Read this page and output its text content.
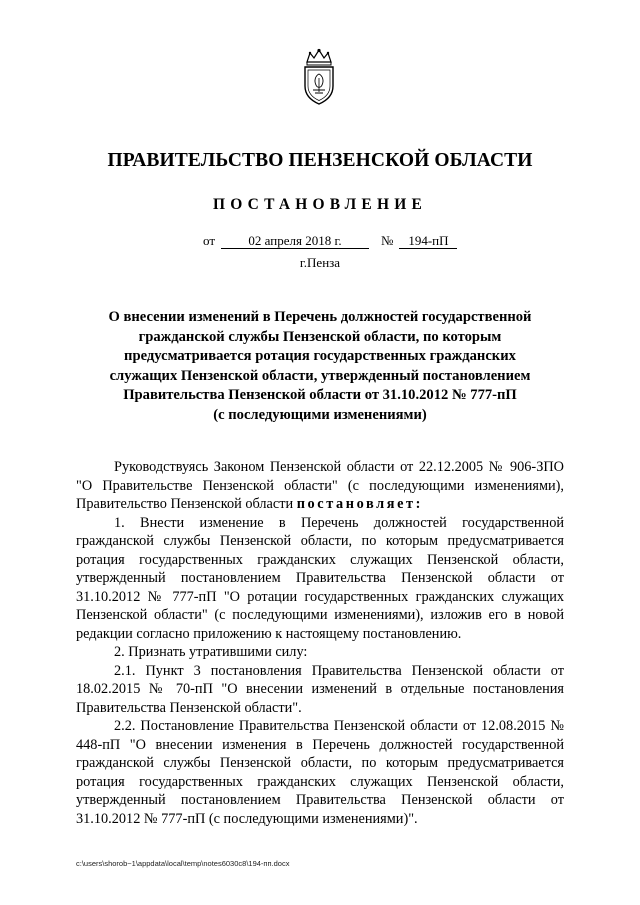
ПРАВИТЕЛЬСТВО ПЕНЗЕНСКОЙ ОБЛАСТИ
ПОСТАНОВЛЕНИЕ
от	02 апреля 2018 г.	№ 194-пП
г.Пенза
О внесении изменений в Перечень должностей государственной
гражданской службы Пензенской области, по которым
предусматривается ротация государственных гражданских
служащих Пензенской области, утвержденный постановлением
Правительства Пензенской области от 31.10.2012 № 777-пП
(с последующими изменениями)

Руководствуясь Законом Пензенской области от 22.12.2005 № 906-ЗПО "О Правительстве Пензенской области" (с последующими изменениями), Правительство Пензенской области постановляет:

1. Внести изменение в Перечень должностей государственной гражданской службы Пензенской области, по которым предусматривается ротация государственных гражданских служащих Пензенской области, утвержденный постановлением Правительства Пензенской области от 31.10.2012 № 777-пП "О ротации государственных гражданских служащих Пензенской области" (с последующими изменениями), изложив его в новой редакции согласно приложению к настоящему постановлению.

2. Признать утратившими силу:

2.1. Пункт 3 постановления Правительства Пензенской области от 18.02.2015 № 70-пП "О внесении изменений в отдельные постановления Правительства Пензенской области".

2.2. Постановление Правительства Пензенской области от 12.08.2015 № 448-пП "О внесении изменения в Перечень должностей государственной гражданской службы Пензенской области, по которым предусматривается ротация государственных гражданских служащих Пензенской области, утвержденный постановлением Правительства Пензенской области от 31.10.2012 № 777-пП (с последующими изменениями)".

c:\users\shorob~1\appdata\local\temp\notes6030c8\194-пп.docx
